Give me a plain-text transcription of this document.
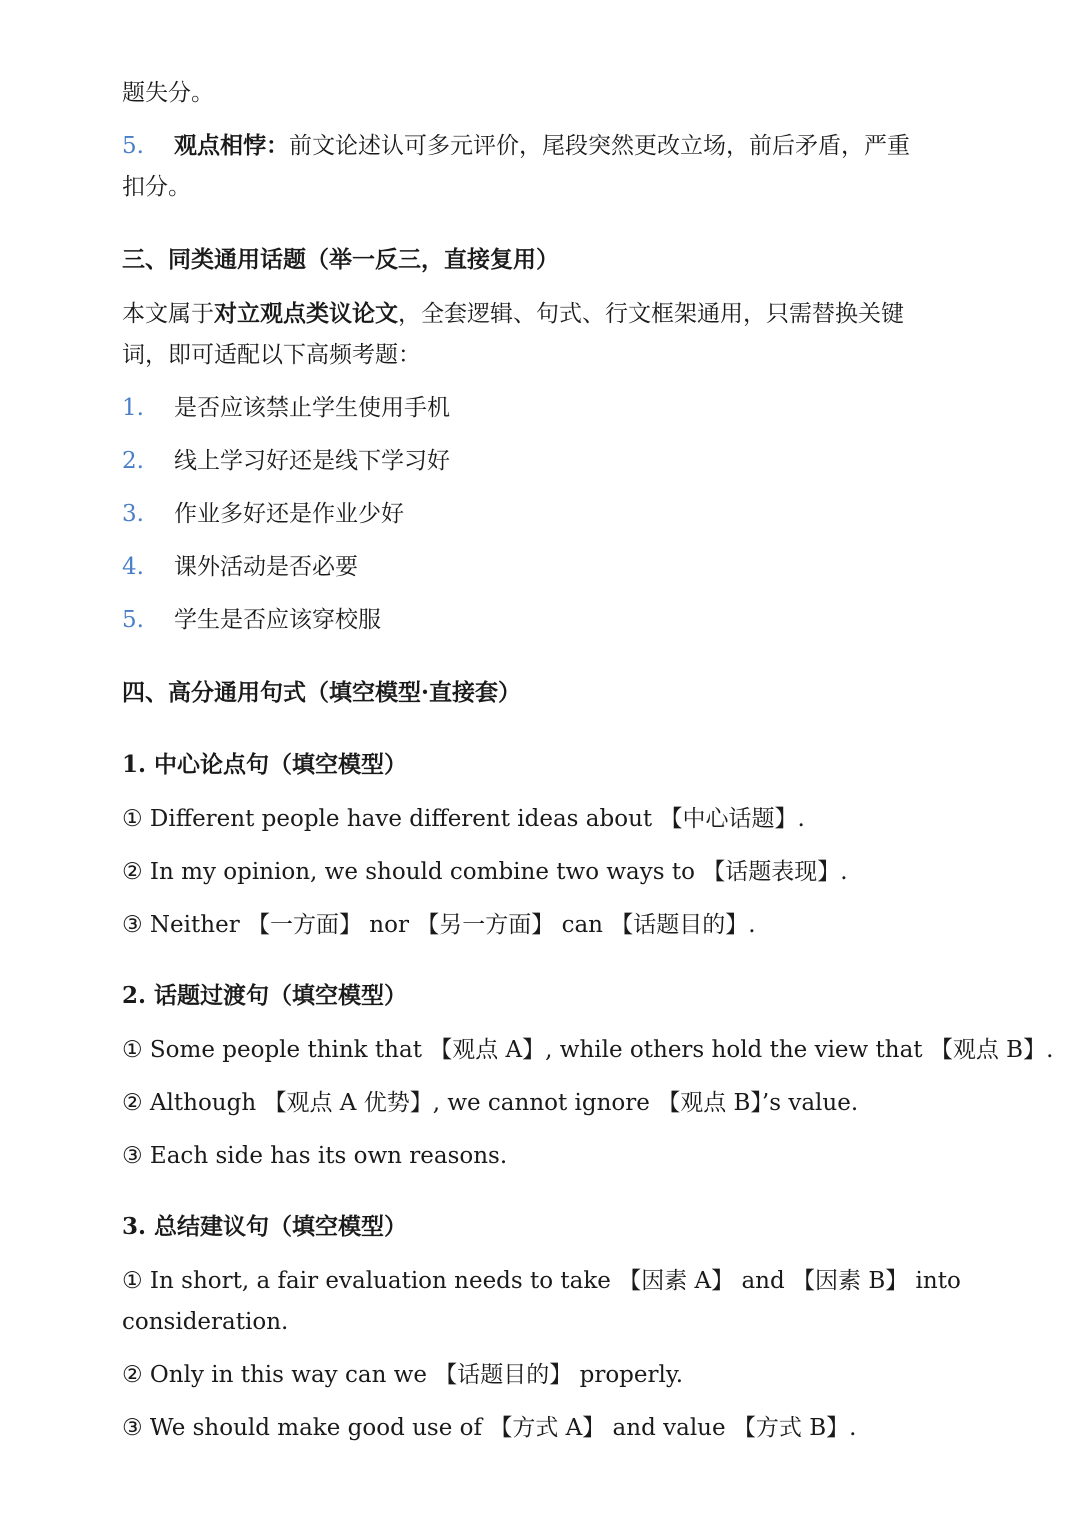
题失分。
5. 观点相悖：前文论述认可多元评价，尾段突然更改立场，前后矛盾，严重
扣分。
三、同类通用话题（举一反三，直接复用）
本文属于对立观点类议论文，全套逻辑、句式、行文框架通用，只需替换关键
词，即可适配以下高频考题：
1. 是否应该禁止学生使用手机
2. 线上学习好还是线下学习好
3. 作业多好还是作业少好
4. 课外活动是否必要
5. 学生是否应该穿校服
四、高分通用句式（填空模型·直接套）
1. 中心论点句（填空模型）
① Different people have different ideas about 【中心话题】.
② In my opinion, we should combine two ways to 【话题表现】.
③ Neither 【一方面】 nor 【另一方面】 can 【话题目的】.
2. 话题过渡句（填空模型）
① Some people think that 【观点 A】, while others hold the view that 【观点 B】.
② Although 【观点 A 优势】, we cannot ignore 【观点 B】’s value.
③ Each side has its own reasons.
3. 总结建议句（填空模型）
① In short, a fair evaluation needs to take 【因素 A】 and 【因素 B】 into
consideration.
② Only in this way can we 【话题目的】 properly.
③ We should make good use of 【方式 A】 and value 【方式 B】.
